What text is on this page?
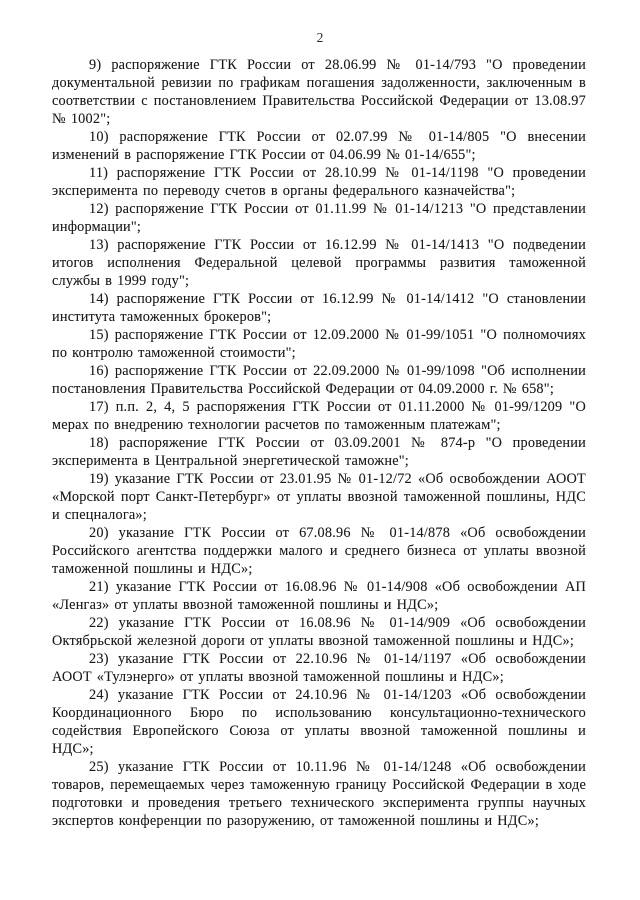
2

9) распоряжение ГТК России от 28.06.99 № 01-14/793 "О проведении документальной ревизии по графикам погашения задолженности, заключенным в соответствии с постановлением Правительства Российской Федерации от 13.08.97 № 1002";

10) распоряжение ГТК России от 02.07.99 № 01-14/805 "О внесении изменений в распоряжение ГТК России от 04.06.99 № 01-14/655";

11) распоряжение ГТК России от 28.10.99 № 01-14/1198 "О проведении эксперимента по переводу счетов в органы федерального казначейства";

12) распоряжение ГТК России от 01.11.99 № 01-14/1213 "О представлении информации";

13) распоряжение ГТК России от 16.12.99 № 01-14/1413 "О подведении итогов исполнения Федеральной целевой программы развития таможенной службы в 1999 году";

14) распоряжение ГТК России от 16.12.99 № 01-14/1412 "О становлении института таможенных брокеров";

15) распоряжение ГТК России от 12.09.2000 № 01-99/1051 "О полномочиях по контролю таможенной стоимости";

16) распоряжение ГТК России от 22.09.2000 № 01-99/1098 "Об исполнении постановления Правительства Российской Федерации от 04.09.2000 г. № 658";

17) п.п. 2, 4, 5 распоряжения ГТК России от 01.11.2000 № 01-99/1209 "О мерах по внедрению технологии расчетов по таможенным платежам";

18) распоряжение ГТК России от 03.09.2001 № 874-р "О проведении эксперимента в Центральной энергетической таможне";

19) указание ГТК России от 23.01.95 № 01-12/72 «Об освобождении АООТ «Морской порт Санкт-Петербург» от уплаты ввозной таможенной пошлины, НДС и спецналога»;

20) указание ГТК России от 67.08.96 № 01-14/878 «Об освобождении Российского агентства поддержки малого и среднего бизнеса от уплаты ввозной таможенной пошлины и НДС»;

21) указание ГТК России от 16.08.96 № 01-14/908 «Об освобождении АП «Ленгаз» от уплаты ввозной таможенной пошлины и НДС»;

22) указание ГТК России от 16.08.96 № 01-14/909 «Об освобождении Октябрьской железной дороги от уплаты ввозной таможенной пошлины и НДС»;

23) указание ГТК России от 22.10.96 № 01-14/1197 «Об освобождении АООТ «Тулэнерго» от уплаты ввозной таможенной пошлины и НДС»;

24) указание ГТК России от 24.10.96 № 01-14/1203 «Об освобождении Координационного Бюро по использованию консультационно-технического содействия Европейского Союза от уплаты ввозной таможенной пошлины и НДС»;

25) указание ГТК России от 10.11.96 № 01-14/1248 «Об освобождении товаров, перемещаемых через таможенную границу Российской Федерации в ходе подготовки и проведения третьего технического эксперимента группы научных экспертов конференции по разоружению, от таможенной пошлины и НДС»;
